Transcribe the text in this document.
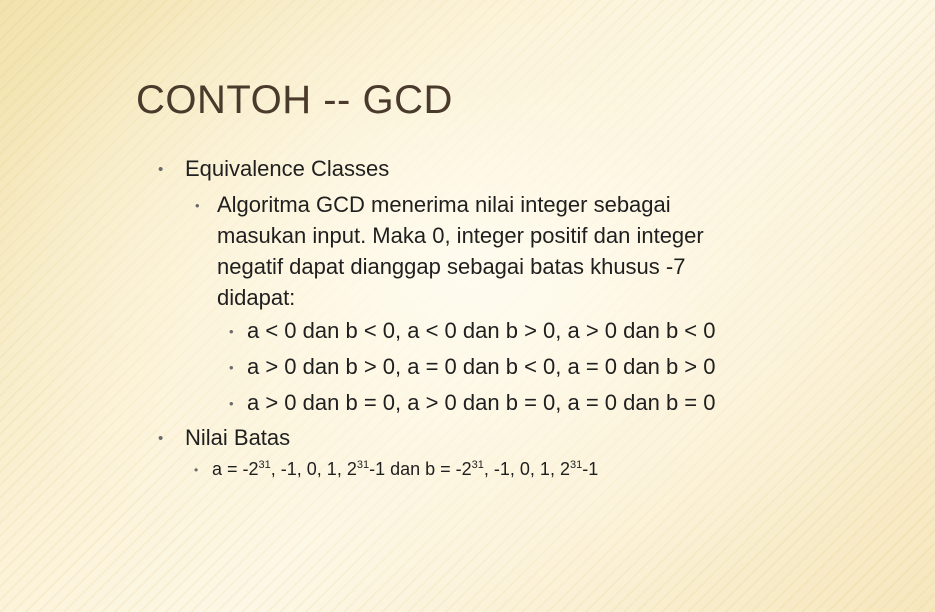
CONTOH -- GCD
• Equivalence Classes
• Algoritma GCD menerima nilai integer sebagai
masukan input. Maka 0, integer positif dan integer
negatif dapat dianggap sebagai batas khusus -7
didapat:
• a < 0 dan b < 0, a < 0 dan b > 0, a > 0 dan b < 0
• a > 0 dan b > 0, a = 0 dan b < 0, a = 0 dan b > 0
• a > 0 dan b = 0, a > 0 dan b = 0, a = 0 dan b = 0
• Nilai Batas
• $a = -2^{31}$, -1, 0, 1, $2^{31}-1$ dan $b = -2^{31}$, -1, 0, 1, $2^{31}-1$
